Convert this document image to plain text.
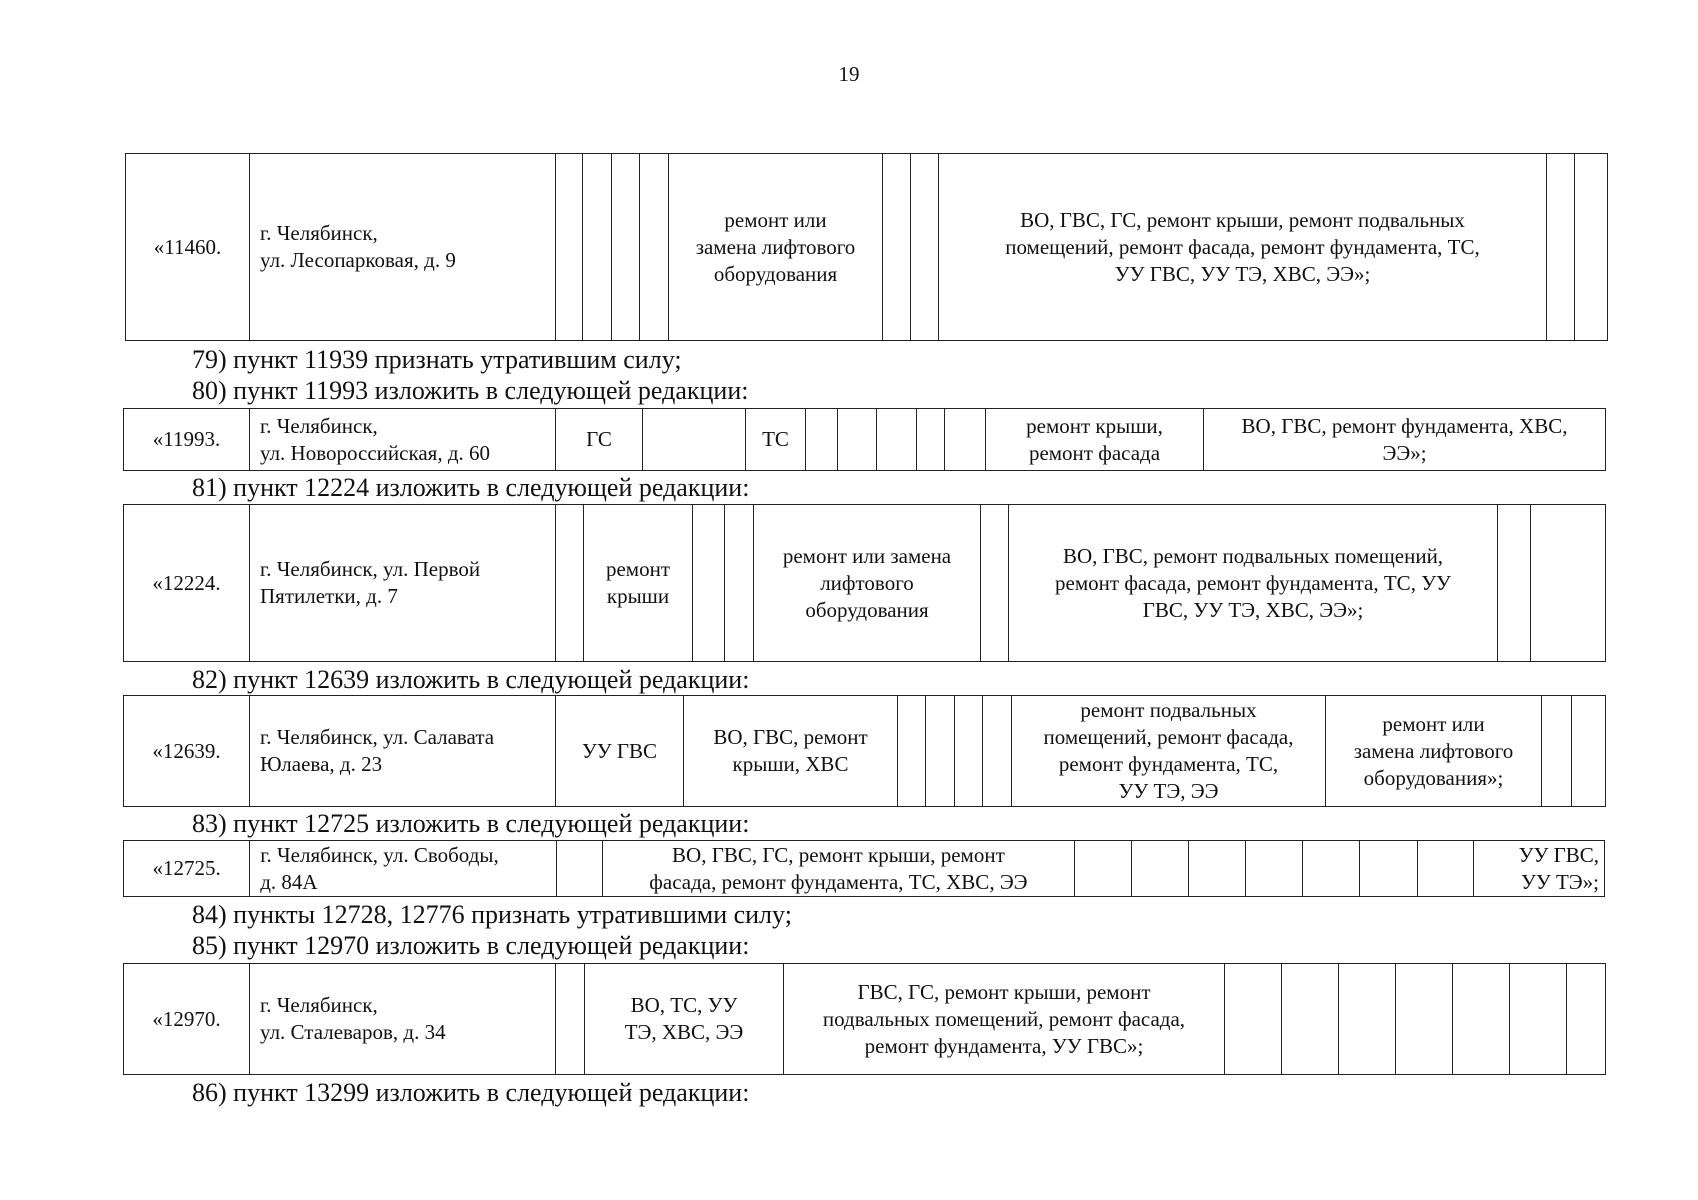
19
«11460.	г. Челябинск,
ул. Лесопарковая, д. 9					ремонт или
замена лифтового
оборудования			ВО, ГВС, ГС, ремонт крыши, ремонт подвальных
помещений, ремонт фасада, ремонт фундамента, ТС,
УУ ГВС, УУ ТЭ, ХВС, ЭЭ»;		
79) пункт 11939 признать утратившим силу;
80) пункт 11993 изложить в следующей редакции:
«11993.	г. Челябинск,
ул. Новороссийская, д. 60	ГС		ТС						ремонт крыши,
ремонт фасада	ВО, ГВС, ремонт фундамента, ХВС,
ЭЭ»;
81) пункт 12224 изложить в следующей редакции:
«12224.	г. Челябинск, ул. Первой
Пятилетки, д. 7		ремонт
крыши			ремонт или замена
лифтового
оборудования		ВО, ГВС, ремонт подвальных помещений,
ремонт фасада, ремонт фундамента, ТС, УУ
ГВС, УУ ТЭ, ХВС, ЭЭ»;		
82) пункт 12639 изложить в следующей редакции:
«12639.	г. Челябинск, ул. Салавата
Юлаева, д. 23	УУ ГВС	ВО, ГВС, ремонт
крыши, ХВС					ремонт подвальных
помещений, ремонт фасада,
ремонт фундамента, ТС,
УУ ТЭ, ЭЭ	ремонт или
замена лифтового
оборудования»;		
83) пункт 12725 изложить в следующей редакции:
«12725.	г. Челябинск, ул. Свободы,
д. 84А		ВО, ГВС, ГС, ремонт крыши, ремонт
фасада, ремонт фундамента, ТС, ХВС, ЭЭ								УУ ГВС,
УУ ТЭ»;
84) пункты 12728, 12776 признать утратившими силу;
85) пункт 12970 изложить в следующей редакции:
«12970.	г. Челябинск,
ул. Сталеваров, д. 34		ВО, ТС, УУ
ТЭ, ХВС, ЭЭ	ГВС, ГС, ремонт крыши, ремонт
подвальных помещений, ремонт фасада,
ремонт фундамента, УУ ГВС»;							
86) пункт 13299 изложить в следующей редакции:
